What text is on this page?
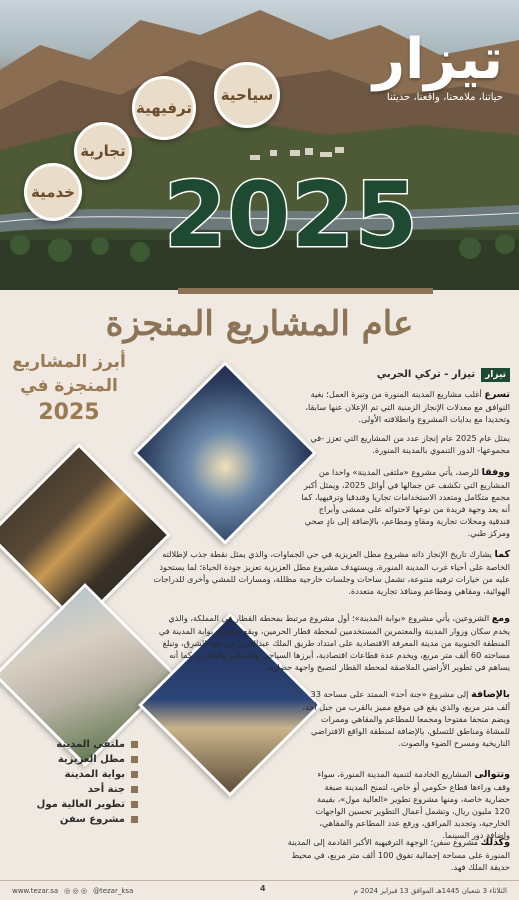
تيزار
حياتنا، ملامحنا، واقعنا، حديثنا
سياحية
ترفيهية
تجارية
خدمية 2025
عام المشاريع المنجزة
أبرز المشاريع المنجزة في
2025
ملتقى المدينة
مطل العزيزية
بوابة المدينة
جنة أحد
تطوير العالية مول
مشروع سفن
تيزار
تيزار - تركي الحربي
تسرع أغلب مشاريع المدينة المنورة من وتيرة العمل؛ بغية التوافق مع معدلات الإنجاز الزمنية التي تم الإعلان عنها سابقا، وتحديدا مع بدايات المشروع وانطلاقته الأولى.
يمثل عام 2025 عام إنجاز عدد من المشاريع التي تعزز -في مجموعها- الدور التنموي بالمدينة المنورة.
ووفقا للرصد، يأتي مشروع «ملتقى المدينة» واحدا من المشاريع التي تكشف عن جمالها في أوائل 2025، ويمثل أكبر مجمع متكامل ومتعدد الاستخدامات تجاريا وفندقيا وترفيهيا، كما أنه يعد وجهة فريدة من نوعها لاحتوائه على ممشى وأبراج فندقية ومحلات تجارية ومقاهٍ ومطاعم، بالإضافة إلى نادٍ صحي ومركز طبي.
كما يشارك تاريخ الإنجاز ذاته مشروع مطل العزيزية في حي الجماوات، والذي يمثل نقطة جذب لإطلالته الخاصة على أحياء غرب المدينة المنورة، ويستهدف مشروع مطل العزيزية تعزيز جودة الحياة؛ لما يستحوذ عليه من خيارات ترفيه متنوعة، تشمل ساحات وجلسات خارجية مظللة، ومسارات للمشي وأخرى للدراجات الهوائية، ومقاهي ومطاعم ومنافذ تجارية متعددة.
ومع الشروعين، يأتي مشروع «بوابة المدينة»؛ أول مشروع مرتبط بمحطة القطار في المملكة، والذي يخدم سكان وزوار المدينة والمعتمرين المستخدمين لمحطة قطار الحرمين، ويقع مشروع بوابة المدينة في المنطقة الجنوبية من مدينة المعرفة الاقتصادية على امتداد طريق الملك عبدالعزيز من جهة الشرق، وتبلغ مساحته 60 ألف متر مربع، ويخدم عدة قطاعات اقتصادية، أبرزها السياحي والفندقي والتجاري، كما أنه يساهم في تطوير الأراضي الملاصقة لمحطة القطار لتصبح واجهة حضارية.
بالإضافة إلى مشروع «جنة أحد» الممتد على مساحة 33 ألف متر مربع، والذي يقع في موقع مميز بالقرب من جبل أحد، ويضم متحفا مفتوحا ومجمعا للمطاعم والمقاهي وممرات للمشاة ومناطق للتسلق، بالإضافة لمنطقة الواقع الافتراضي التاريخية ومسرح الضوء والصوت.
وتتوالى المشاريع الخادمة لتنمية المدينة المنورة، سواء وقف وراءها قطاع حكومي أو خاص، لتمنح المدينة صبغة حضارية خاصة، ومنها مشروع تطوير «العالية مول»، بقيمة 120 مليون ريال، وتشمل أعمال التطوير تحسين الواجهات الخارجية، وتجديد المرافق، ورفع عدد المطاعم والمقاهي، وإضافة دور السينما.
وكذلك مشروع سفن؛ الوجهة الترفيهية الأكبر القادمة إلى المدينة المنورة على مساحة إجمالية تفوق 100 ألف متر مربع، في محيط حديقة الملك فهد.
www.tezar.sa ◎ ◎ ◎ @tezar_ksa	4	الثلاثاء 3 شعبان 1445هـ الموافق 13 فبراير 2024 م
